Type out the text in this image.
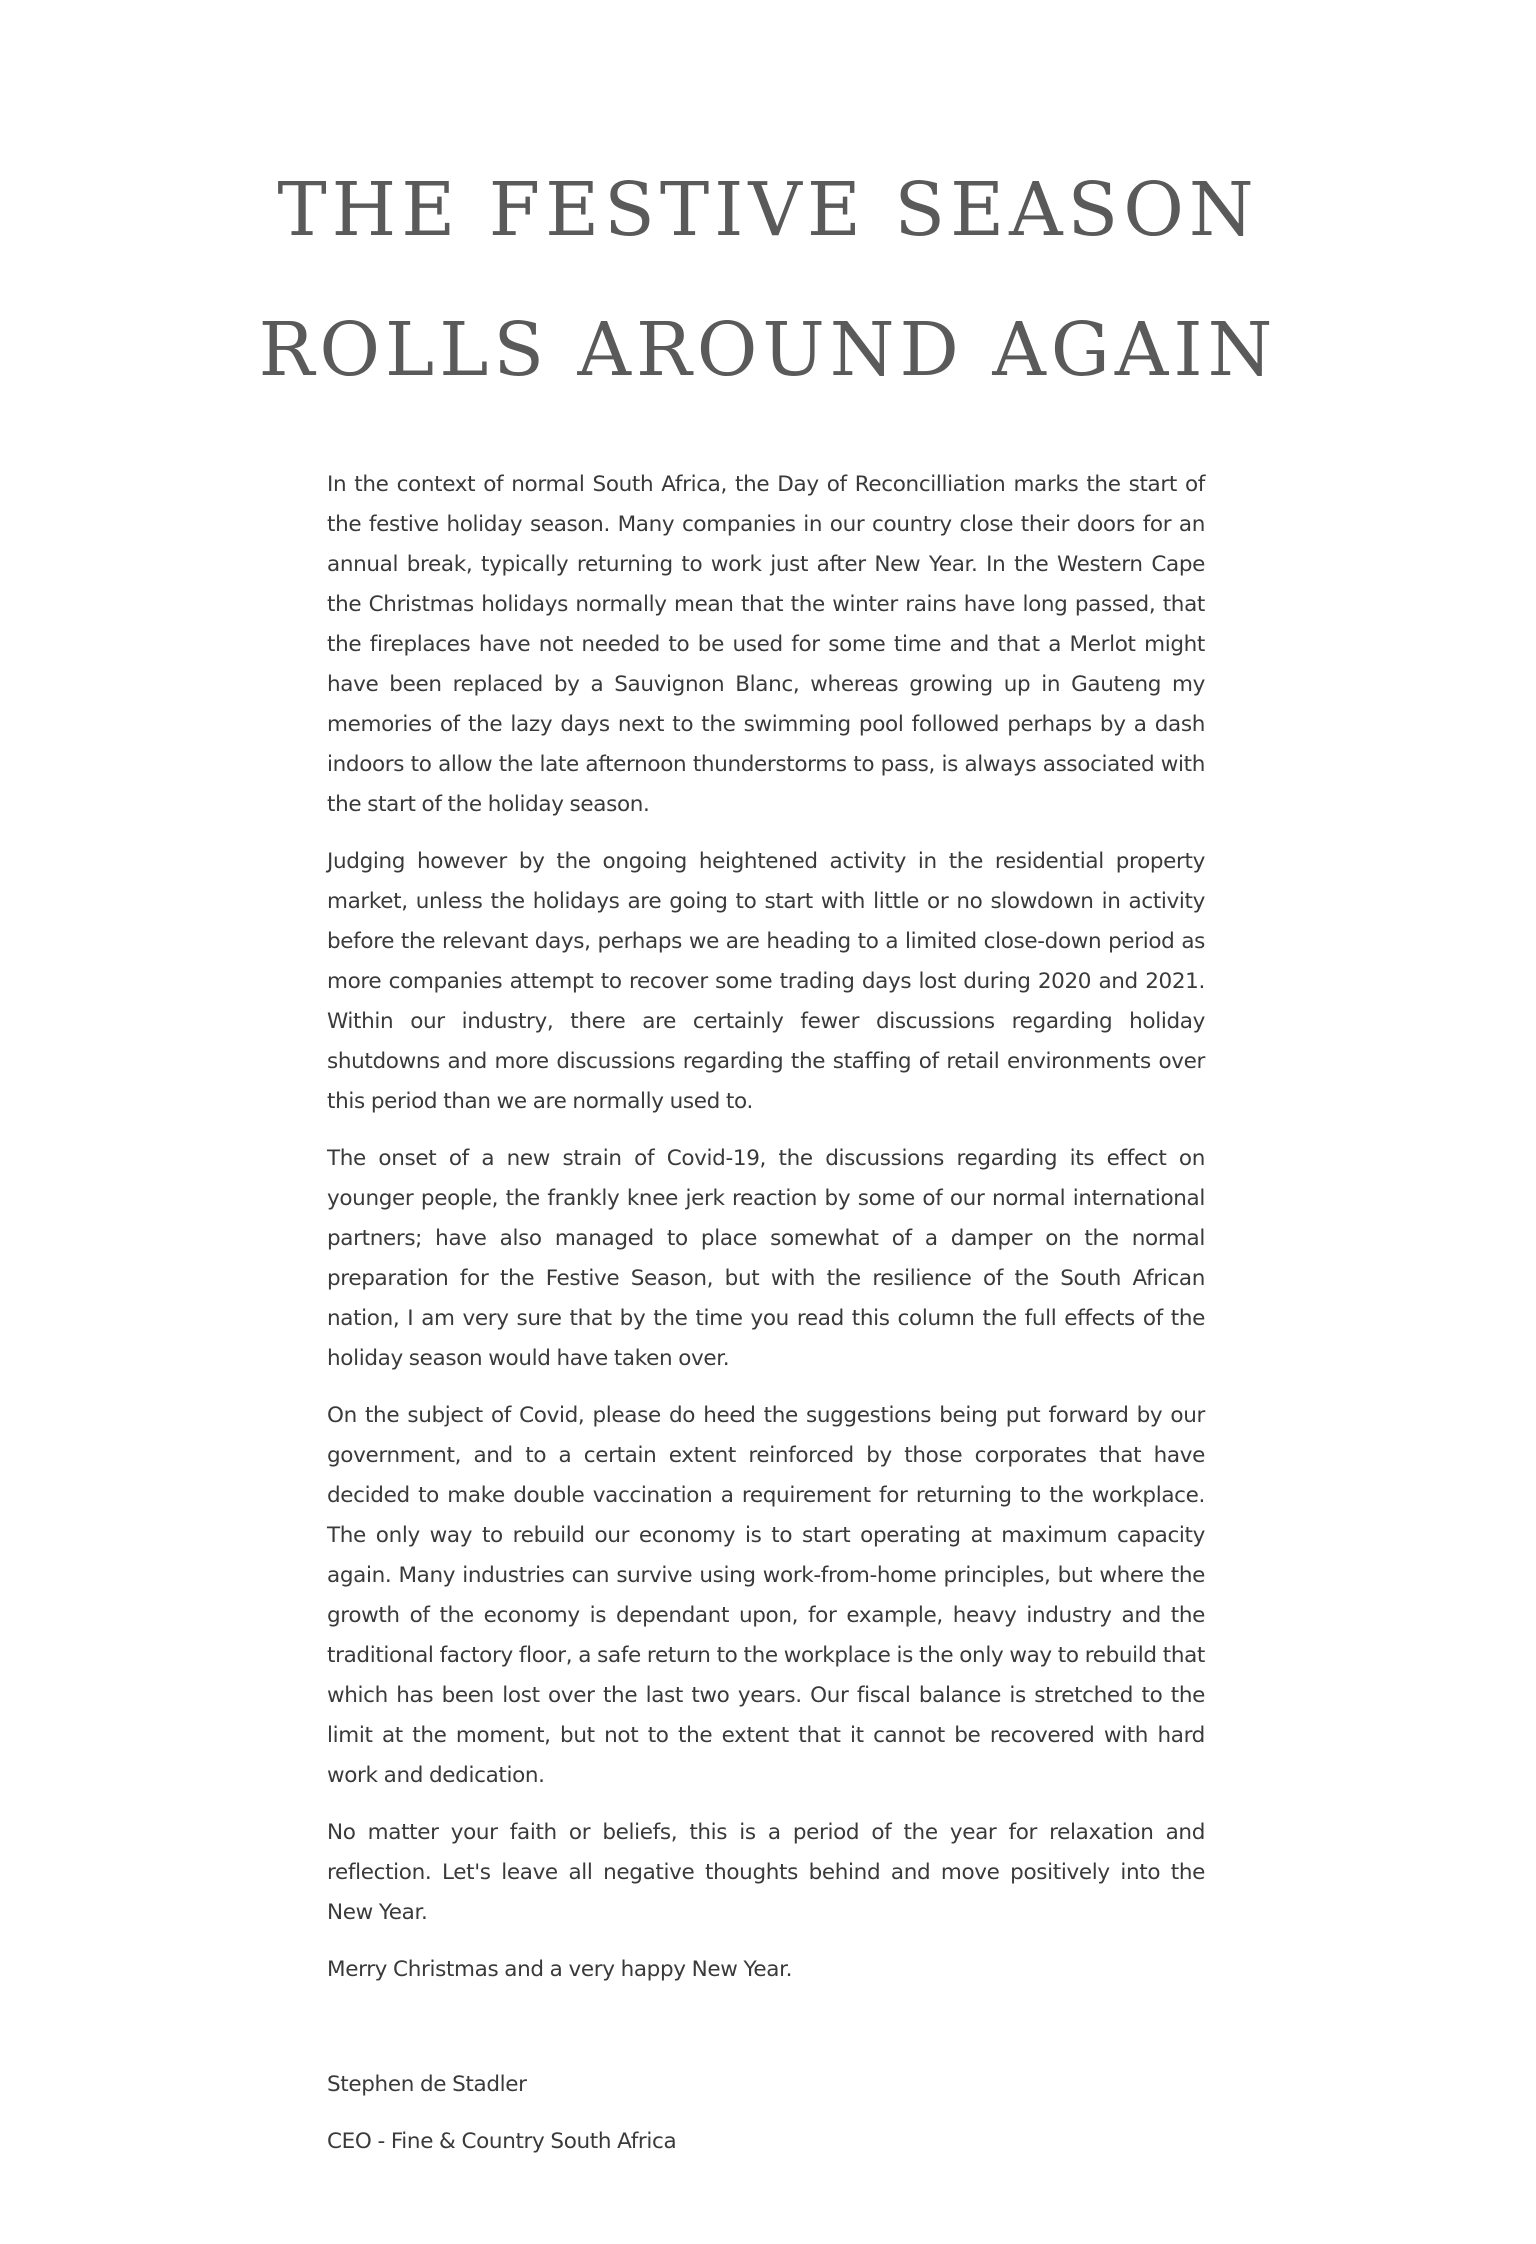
THE FESTIVE SEASON
ROLLS AROUND AGAIN

In the context of normal South Africa, the Day of Reconcilliation marks the start of the festive holiday season. Many companies in our country close their doors for an annual break, typically returning to work just after New Year. In the Western Cape the Christmas holidays normally mean that the winter rains have long passed, that the fireplaces have not needed to be used for some time and that a Merlot might have been replaced by a Sauvignon Blanc, whereas growing up in Gauteng my memories of the lazy days next to the swimming pool followed perhaps by a dash indoors to allow the late afternoon thunderstorms to pass, is always associated with the start of the holiday season.

Judging however by the ongoing heightened activity in the residential property market, unless the holidays are going to start with little or no slowdown in activity before the relevant days, perhaps we are heading to a limited close-down period as more companies attempt to recover some trading days lost during 2020 and 2021. Within our industry, there are certainly fewer discussions regarding holiday shutdowns and more discussions regarding the staffing of retail environments over this period than we are normally used to.

The onset of a new strain of Covid-19, the discussions regarding its effect on younger people, the frankly knee jerk reaction by some of our normal international partners; have also managed to place somewhat of a damper on the normal preparation for the Festive Season, but with the resilience of the South African nation, I am very sure that by the time you read this column the full effects of the holiday season would have taken over.

On the subject of Covid, please do heed the suggestions being put forward by our government, and to a certain extent reinforced by those corporates that have decided to make double vaccination a requirement for returning to the workplace. The only way to rebuild our economy is to start operating at maximum capacity again. Many industries can survive using work-from-home principles, but where the growth of the economy is dependant upon, for example, heavy industry and the traditional factory floor, a safe return to the workplace is the only way to rebuild that which has been lost over the last two years. Our fiscal balance is stretched to the limit at the moment, but not to the extent that it cannot be recovered with hard work and dedication.

No matter your faith or beliefs, this is a period of the year for relaxation and reflection. Let's leave all negative thoughts behind and move positively into the New Year.

Merry Christmas and a very happy New Year.

Stephen de Stadler

CEO - Fine & Country South Africa
